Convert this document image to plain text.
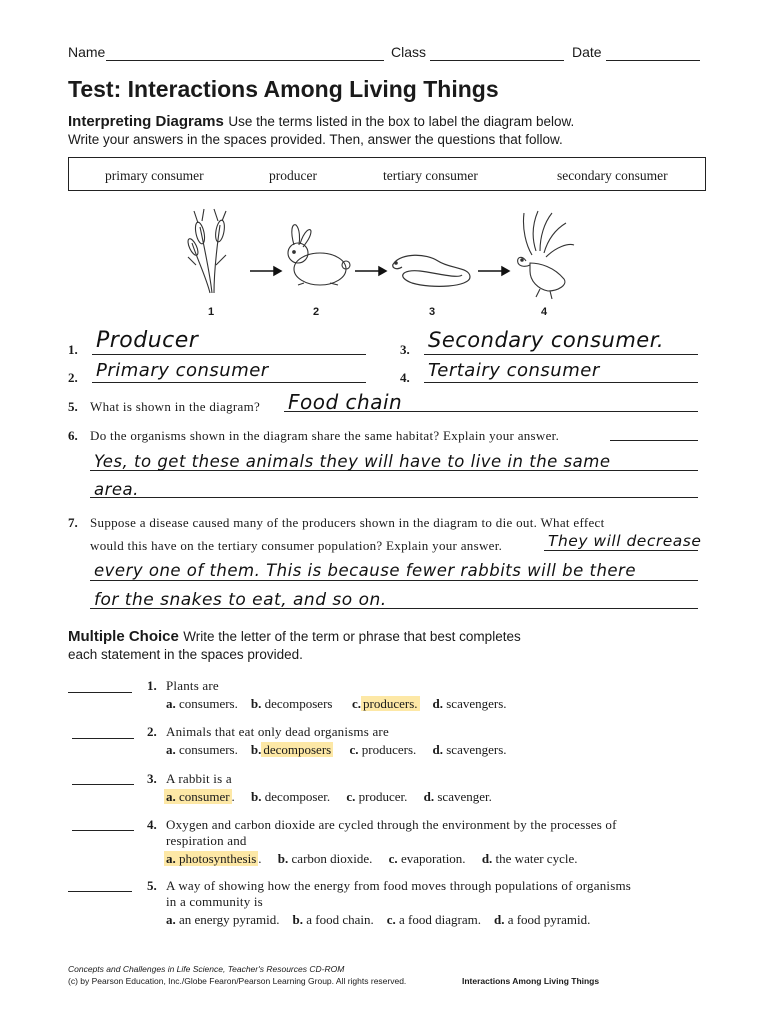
Name	Class	Date
Test: Interactions Among Living Things
Interpreting Diagrams Use the terms listed in the box to label the diagram below.
Write your answers in the spaces provided. Then, answer the questions that follow.
primary consumer	producer	tertiary consumer	secondary consumer
1	2	3	4
1. Producer	3. Secondary consumer.
2. Primary consumer	4. Tertairy consumer
5. What is shown in the diagram? Food chain
6. Do the organisms shown in the diagram share the same habitat? Explain your answer.
Yes, to get these animals they will have to live in the same
area.
7. Suppose a disease caused many of the producers shown in the diagram to die out. What effect
would this have on the tertiary consumer population? Explain your answer.	They will decrease
every one of them. This is because fewer rabbits will be there
for the snakes to eat, and so on.
Multiple Choice Write the letter of the term or phrase that best completes
each statement in the spaces provided.
1. Plants are
a. consumers. b. decomposers c. producers. d. scavengers.
2. Animals that eat only dead organisms are
a. consumers. b. decomposers c. producers. d. scavengers.
3. A rabbit is a
a. consumer .     b. decomposer. c. producer. d. scavenger.
4. Oxygen and carbon dioxide are cycled through the environment by the processes of
respiration and
a. photosynthesis .     b. carbon dioxide. c. evaporation. d. the water cycle.
5. A way of showing how the energy from food moves through populations of organisms
in a community is
a. an energy pyramid. b. a food chain. c. a food diagram. d. a food pyramid.
Concepts and Challenges in Life Science, Teacher's Resources CD-ROM
(c) by Pearson Education, Inc./Globe Fearon/Pearson Learning Group. All rights reserved.	Interactions Among Living Things
